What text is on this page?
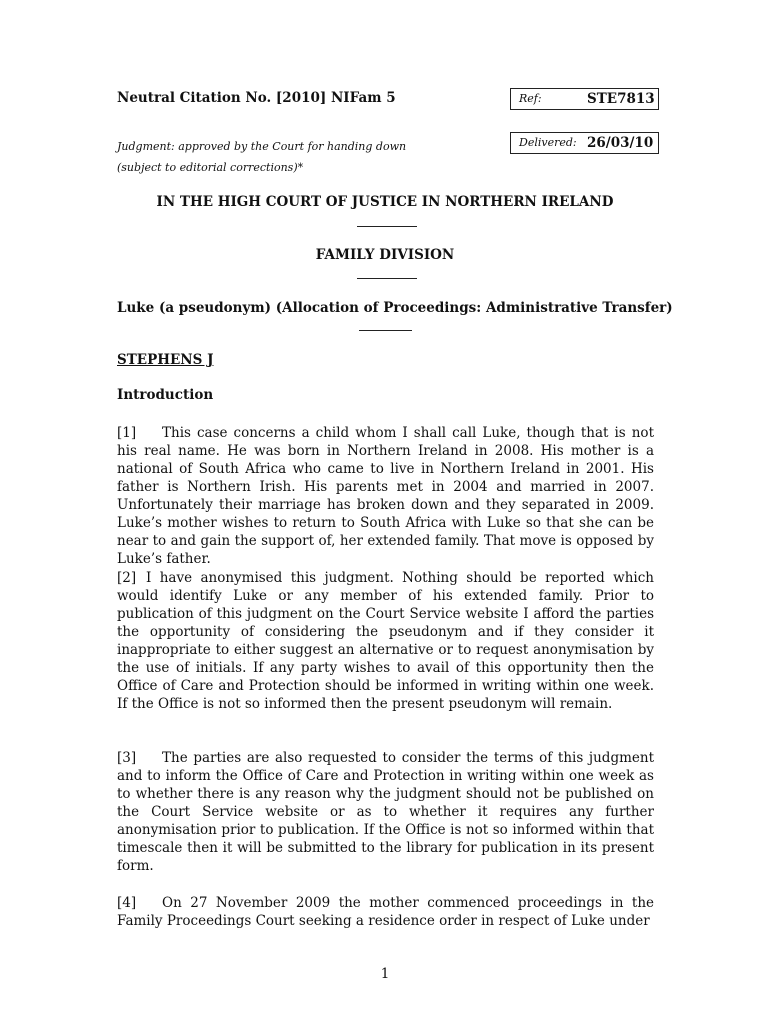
Neutral Citation No. [2010] NIFam 5	Ref:	STE7813
Judgment: approved by the Court for handing down
(subject to editorial corrections)*
Delivered: 26/03/10
IN THE HIGH COURT OF JUSTICE IN NORTHERN IRELAND
FAMILY DIVISION
Luke (a pseudonym) (Allocation of Proceedings: Administrative Transfer)
STEPHENS J
Introduction
[1] This case concerns a child whom I shall call Luke, though that is not his real name. He was born in Northern Ireland in 2008. His mother is a national of South Africa who came to live in Northern Ireland in 2001. His father is Northern Irish. His parents met in 2004 and married in 2007. Unfortunately their marriage has broken down and they separated in 2009. Luke’s mother wishes to return to South Africa with Luke so that she can be near to and gain the support of, her extended family. That move is opposed by Luke’s father.
[2] I have anonymised this judgment. Nothing should be reported which would identify Luke or any member of his extended family. Prior to publication of this judgment on the Court Service website I afford the parties the opportunity of considering the pseudonym and if they consider it inappropriate to either suggest an alternative or to request anonymisation by the use of initials. If any party wishes to avail of this opportunity then the Office of Care and Protection should be informed in writing within one week. If the Office is not so informed then the present pseudonym will remain.
[3] The parties are also requested to consider the terms of this judgment and to inform the Office of Care and Protection in writing within one week as to whether there is any reason why the judgment should not be published on the Court Service website or as to whether it requires any further anonymisation prior to publication. If the Office is not so informed within that timescale then it will be submitted to the library for publication in its present form.
[4] On 27 November 2009 the mother commenced proceedings in the Family Proceedings Court seeking a residence order in respect of Luke under
1
